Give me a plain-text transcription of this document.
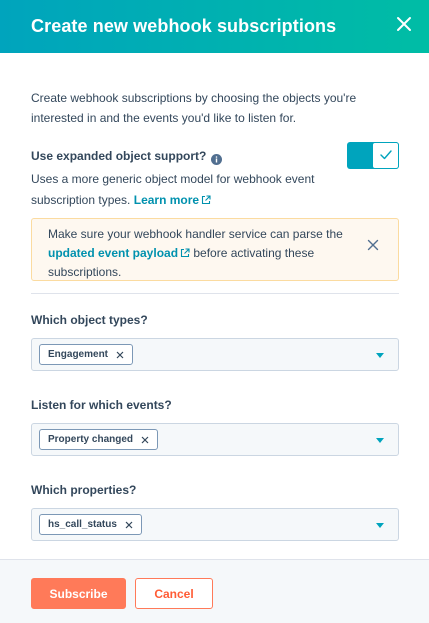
Create new webhook subscriptions

Create webhook subscriptions by choosing the objects you're interested in and the events you'd like to listen for.

Use expanded object support?

Uses a more generic object model for webhook event subscription types. Learn more

Make sure your webhook handler service can parse the updated event payload before activating these subscriptions.
Which object types?
Engagement
Listen for which events?
Property changed
Which properties?
hs_call_status
Subscribe	Cancel
